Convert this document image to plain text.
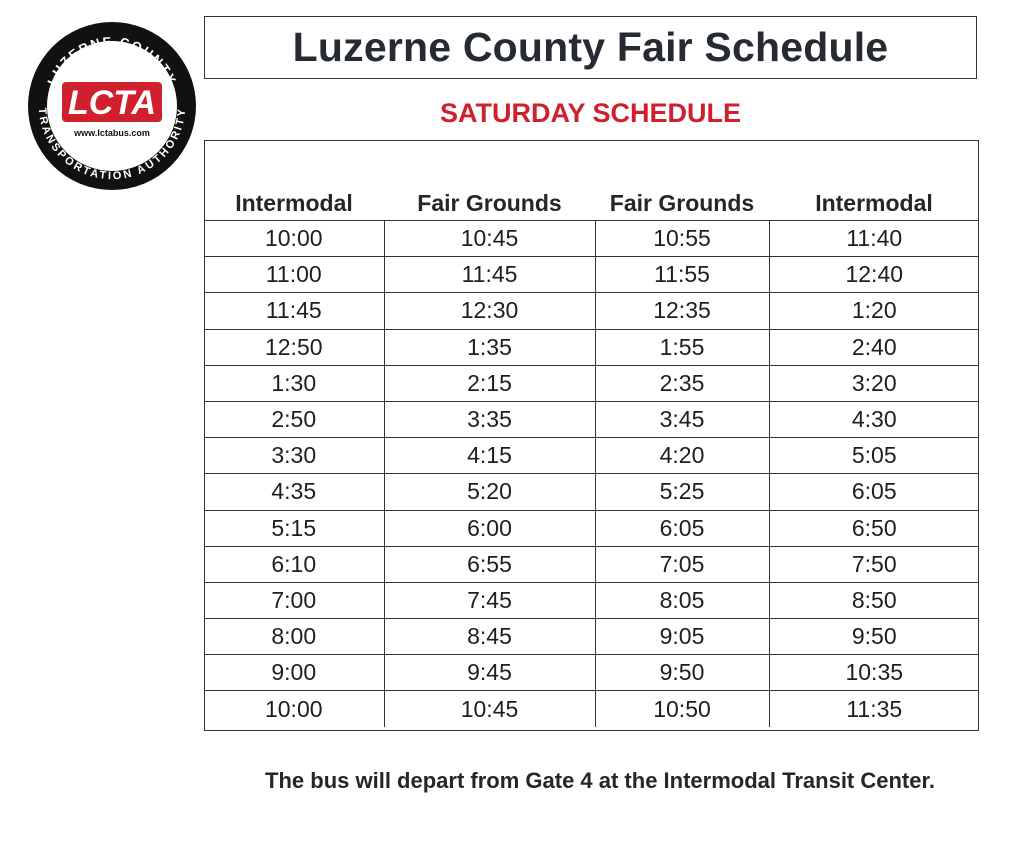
LUZERNE COUNTY
TRANSPORTATION AUTHORITY
LCTA
www.lctabus.com
Luzerne County Fair Schedule

SATURDAY SCHEDULE

Intermodal	Fair Grounds	Fair Grounds	Intermodal
10:00	10:45	10:55	11:40
11:00	11:45	11:55	12:40
11:45	12:30	12:35	1:20
12:50	1:35	1:55	2:40
1:30	2:15	2:35	3:20
2:50	3:35	3:45	4:30
3:30	4:15	4:20	5:05
4:35	5:20	5:25	6:05
5:15	6:00	6:05	6:50
6:10	6:55	7:05	7:50
7:00	7:45	8:05	8:50
8:00	8:45	9:05	9:50
9:00	9:45	9:50	10:35
10:00	10:45	10:50	11:35

The bus will depart from Gate 4 at the Intermodal Transit Center.
